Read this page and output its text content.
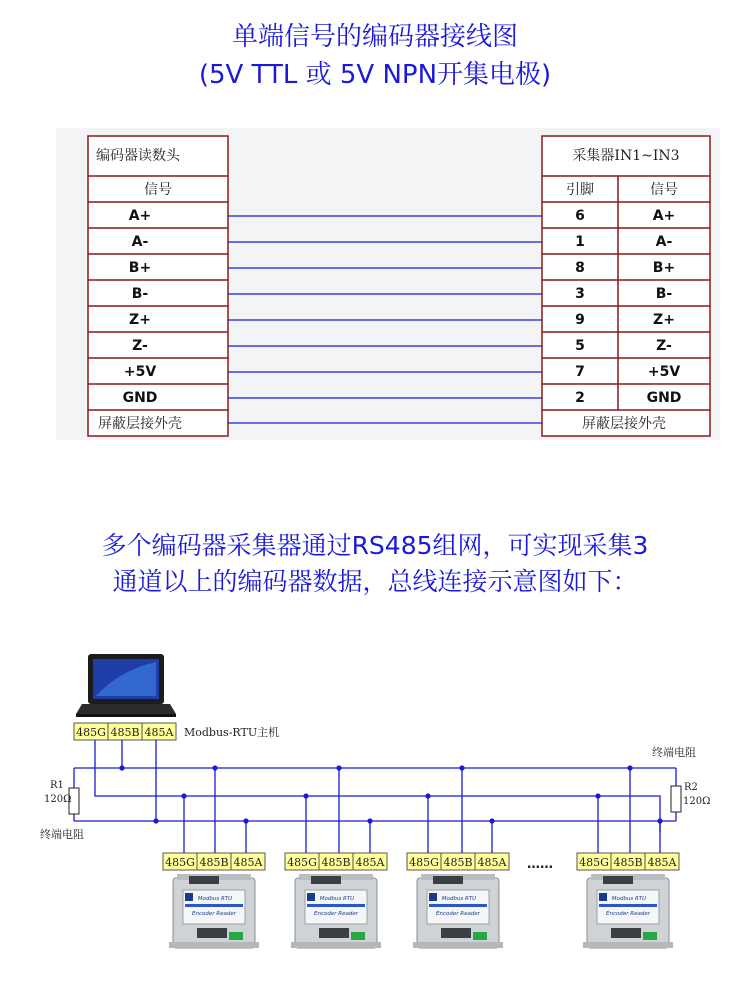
单端信号的编码器接线图
(5V TTL 或 5V NPN开集电极)
编码器读数头
信号
A+
A-
B+
B-
Z+
Z-
+5V
GND
屏蔽层接外壳
采集器IN1~IN3
引脚	信号
6	A+
1	A-
8	B+
3	B-
9	Z+
5	Z-
7	+5V
2	GND
屏蔽层接外壳
多个编码器采集器通过RS485组网，可实现采集3
通道以上的编码器数据，总线连接示意图如下：
485G 485B 485A Modbus-RTU主机
R1
120Ω
终端电阻
R2
120Ω
终端电阻
485G 485B 485A
Modbus RTU
Encoder Reader
485G 485B 485A
Modbus RTU
Encoder Reader
485G 485B 485A
Modbus RTU
Encoder Reader
485G 485B 485A
Modbus RTU
Encoder Reader
……
